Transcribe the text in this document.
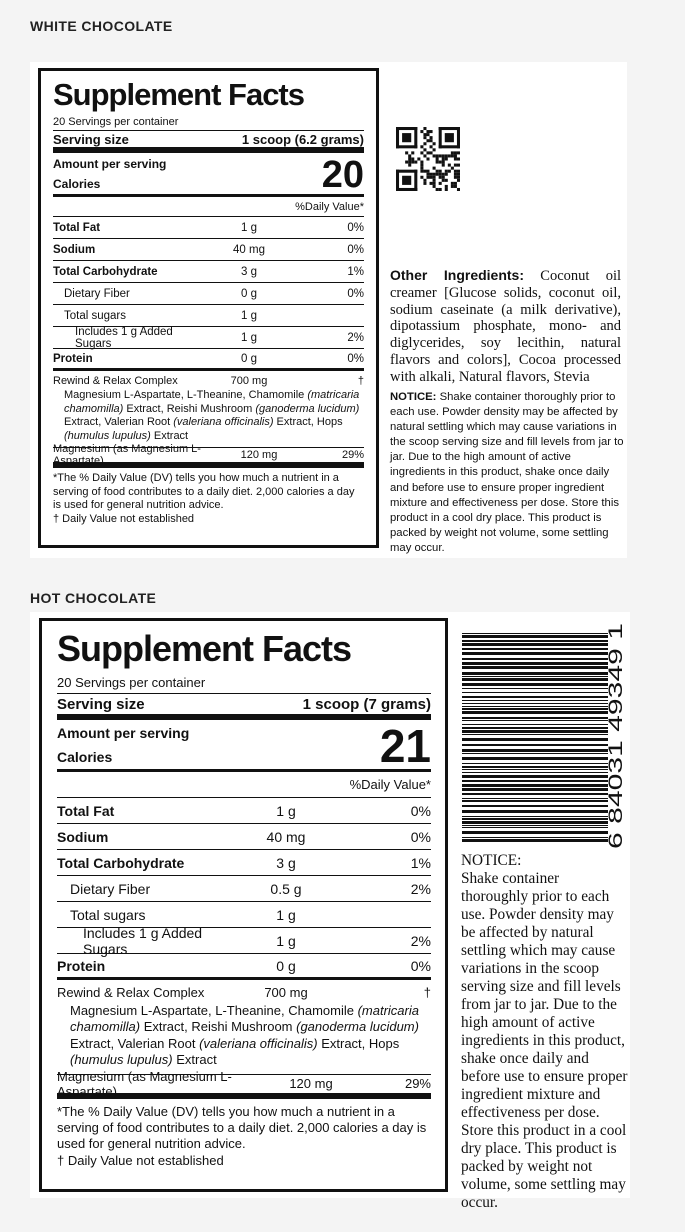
WHITE CHOCOLATE
Supplement Facts
20 Servings per container
Serving size	1 scoop (6.2 grams)
Amount per serving
Calories	20
%Daily Value*
Total Fat	1 g	0%
Sodium	40 mg	0%
Total Carbohydrate	3 g	1%
Dietary Fiber	0 g	0%
Total sugars	1 g
Includes 1 g Added Sugars	1 g	2%
Protein	0 g	0%
Rewind & Relax Complex	700 mg	†
Magnesium L-Aspartate, L-Theanine, Chamomile (matricaria chamomilla) Extract, Reishi Mushroom (ganoderma lucidum) Extract, Valerian Root (valeriana officinalis) Extract, Hops (humulus lupulus) Extract
Magnesium (as Magnesium L-Aspartate)	120 mg	29%
*The % Daily Value (DV) tells you how much a nutrient in a serving of food contributes to a daily diet. 2,000 calories a day is used for general nutrition advice.
† Daily Value not established
Other Ingredients: Coconut oil creamer [Glucose solids, coconut oil, sodium caseinate (a milk derivative), dipotassium phosphate, mono- and diglycerides, soy lecithin, natural flavors and colors], Cocoa processed with alkali, Natural flavors, Stevia
NOTICE: Shake container thoroughly prior to each use. Powder density may be affected by natural settling which may cause variations in the scoop serving size and fill levels from jar to jar. Due to the high amount of active ingredients in this product, shake once daily and before use to ensure proper ingredient mixture and effectiveness per dose. Store this product in a cool dry place. This product is packed by weight not volume, some settling may occur.
HOT CHOCOLATE
Supplement Facts
20 Servings per container
Serving size	1 scoop (7 grams)
Amount per serving
Calories	21
%Daily Value*
Total Fat	1 g	0%
Sodium	40 mg	0%
Total Carbohydrate	3 g	1%
Dietary Fiber	0.5 g	2%
Total sugars	1 g
Includes 1 g Added Sugars	1 g	2%
Protein	0 g	0%
Rewind & Relax Complex	700 mg	†
Magnesium L-Aspartate, L-Theanine, Chamomile (matricaria chamomilla) Extract, Reishi Mushroom (ganoderma lucidum) Extract, Valerian Root (valeriana officinalis) Extract, Hops (humulus lupulus) Extract
Magnesium (as Magnesium L-Aspartate)	120 mg	29%
*The % Daily Value (DV) tells you how much a nutrient in a serving of food contributes to a daily diet. 2,000 calories a day is used for general nutrition advice.
† Daily Value not established
6 84031 49349 1
NOTICE:
Shake container thoroughly prior to each use. Powder density may be affected by natural settling which may cause variations in the scoop serving size and fill levels from jar to jar. Due to the high amount of active ingredients in this product, shake once daily and before use to ensure proper ingredient mixture and effectiveness per dose. Store this product in a cool dry place. This product is packed by weight not volume, some settling may occur.
